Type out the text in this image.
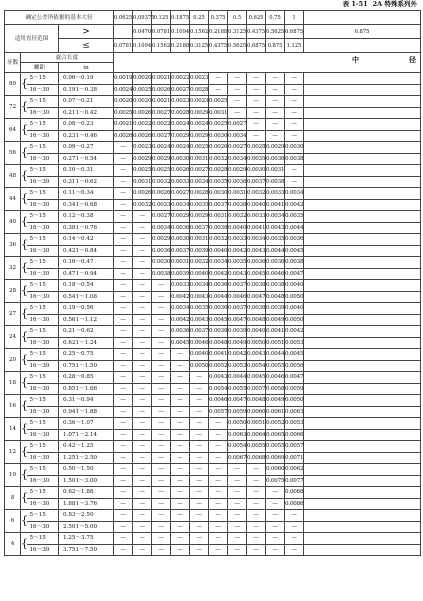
表 1-51 2A 特殊系列外
确定公差所依据的基本大径				0.0625	0.09375	0.125	0.1875	0.25	0.375	0.5	0.625	0.75	1	
适用直径范围			>		0.0470	0.0781	0.1094	0.1562	0.2188	0.3125	0.4375	0.5625	0.6875	0.875
			≤	0.0781	0.1094	0.1562	0.2188	0.3125	0.4375	0.5625	0.6875	0.875	1.125	
牙数	旋合长度			中 径										

	螺距		in											
80	{	5～15	0.06～0.19	0.0019	0.0020	0.0021	0.0022	0.0023	—	—	—	—	—	
		16～30	0.191～0.38	0.0024	0.0025	0.0026	0.0027	0.0028	—	—	—	—	—	
72	{	5～15	0.07～0.21	0.0020	0.0020	0.0021	0.0023	0.0023	0.0025	—	—	—	—	
		16～30	0.211～0.42	0.0025	0.0026	0.0027	0.0028	0.0029	0.0031	—	—	—	—	
64	{	5～15	0.08～0.23	0.0021	0.0022	0.0022	0.0024	0.0024	0.0025	0.0027	—	—	—	
		16～30	0.231～0.46	0.0026	0.0026	0.0027	0.0029	0.0029	0.0030	0.0034	—	—	—	
56	{	5～15	0.09～0.27	—	0.0023	0.0024	0.0024	0.0025	0.0026	0.0027	0.0028	0.0029	0.0030	
		16～30	0.271～0.54	—	0.0029	0.0029	0.0030	0.0031	0.0032	0.0034	0.0035	0.0036	0.0038	
48	{	5～15	0.10～0.31	—	0.0025	0.0025	0.0026	0.0027	0.0028	0.0029	0.0030	0.0031	—	
		16～30	0.311～0.62	—	0.0031	0.0032	0.0033	0.0034	0.0035	0.0036	0.0037	0.0038	—	
44	{	5～15	0.11～0.34	—	0.0026	0.0026	0.0027	0.0028	0.0030	0.0031	0.0032	0.0033	0.0034	
		16～30	0.341～0.68	—	0.0032	0.0033	0.0034	0.0035	0.0037	0.0038	0.0040	0.0041	0.0042	
40	{	5～15	0.12～0.38	—	—	0.0027	0.0029	0.0029	0.0031	0.0032	0.0033	0.0034	0.0035	
		16～30	0.381～0.76	—	—	0.0034	0.0036	0.0037	0.0038	0.0040	0.0041	0.0043	0.0044	
36	{	5～15	0.14～0.42	—	—	0.0029	0.0030	0.0031	0.0032	0.0033	0.0034	0.0035	0.0036	
		16～30	0.421～0.84	—	—	0.0036	0.0037	0.0039	0.0040	0.0042	0.0043	0.0044	0.0045	
32	{	5～15	0.16～0.47	—	—	0.0030	0.0031	0.0032	0.0034	0.0035	0.0036	0.0036	0.0038	
		16～30	0.471～0.94	—	—	0.0038	0.0039	0.0040	0.0042	0.0043	0.0045	0.0046	0.0047	
28	{	5～15	0.18～0.54	—	—	—	0.0033	0.0034	0.0036	0.0037	0.0038	0.0038	0.0040	
		16～30	0.541～1.08	—	—	—	0.0042	0.0043	0.0044	0.0046	0.0047	0.0048	0.0050	
27	{	5～15	0.19～0.56	—	—	—	0.0034	0.0035	0.0036	0.0037	0.0038	0.0039	0.0040	
		16～30	0.561～1.12	—	—	—	0.0042	0.0043	0.0045	0.0047	0.0048	0.0049	0.0050	
24	{	5～15	0.21～0.62	—	—	—	0.0036	0.0037	0.0038	0.0039	0.0040	0.0041	0.0042	
		16～30	0.621～1.24	—	—	—	0.0045	0.0046	0.0048	0.0049	0.0050	0.0051	0.0053	
20	{	5～15	0.25～0.75	—	—	—	—	0.0040	0.0041	0.0042	0.0043	0.0044	0.0045	
		16～30	0.751～1.50	—	—	—	—	0.0050	0.0052	0.0053	0.0054	0.0055	0.0056	
18	{	5～15	0.28～0.85	—	—	—	—	—	0.0043	0.0044	0.0045	0.0046	0.0047	
		16～30	0.851～1.66	—	—	—	—	—	0.0054	0.0055	0.0057	0.0058	0.0059	
16	{	5～15	0.31～0.94	—	—	—	—	—	0.0046	0.0047	0.0048	0.0049	0.0050	
		16～30	0.941～1.88	—	—	—	—	—	0.0057	0.0059	0.0060	0.0061	0.0063	
14	{	5～15	0.36～1.07	—	—	—	—	—	—	0.0050	0.0051	0.0052	0.0053	
		16～30	1.071～2.14	—	—	—	—	—	—	0.0063	0.0064	0.0065	0.0066	
12	{	5～15	0.42～1.25	—	—	—	—	—	—	0.0054	0.0055	0.0055	0.0057	
		16～30	1.251～2.50	—	—	—	—	—	—	0.0067	0.0068	0.0069	0.0071	
10	{	5～15	0.50～1.50	—	—	—	—	—	—	—	—	0.0060	0.0062	
		16～30	1.501～3.00	—	—	—	—	—	—	—	—	0.0075	0.0077	
8	{	5～15	0.62～1.88	—	—	—	—	—	—	—	—	—	0.0068	
		16～30	1.881～3.76	—	—	—	—	—	—	—	—	—	0.0086	
6	{	5～15	0.83～2.50	—	—	—	—	—	—	—	—	—	—	
		16～30	2.501～5.00	—	—	—	—	—	—	—	—	—	—	
4	{	5～15	1.25～3.75	—	—	—	—	—	—	—	—	—	—	
		16～30	3.751～7.50	—	—	—	—	—	—	—	—	—	—	
